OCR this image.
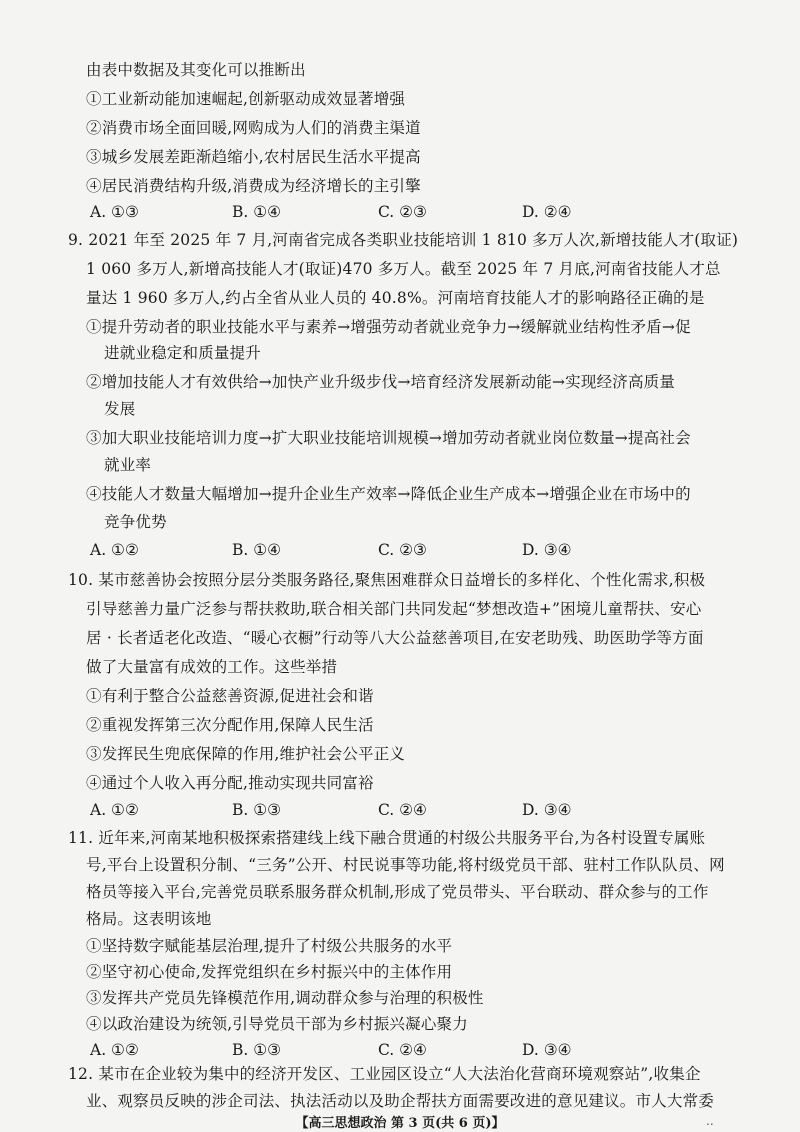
由表中数据及其变化可以推断出
①工业新动能加速崛起,创新驱动成效显著增强
②消费市场全面回暖,网购成为人们的消费主渠道
③城乡发展差距渐趋缩小,农村居民生活水平提高
④居民消费结构升级,消费成为经济增长的主引擎
A. ①③	B. ①④	C. ②③	D. ②④
9. 2021 年至 2025 年 7 月,河南省完成各类职业技能培训 1 810 多万人次,新增技能人才(取证)
1 060 多万人,新增高技能人才(取证)470 多万人。截至 2025 年 7 月底,河南省技能人才总
量达 1 960 多万人,约占全省从业人员的 40.8%。河南培育技能人才的影响路径正确的是
①提升劳动者的职业技能水平与素养→增强劳动者就业竞争力→缓解就业结构性矛盾→促
进就业稳定和质量提升
②增加技能人才有效供给→加快产业升级步伐→培育经济发展新动能→实现经济高质量
发展
③加大职业技能培训力度→扩大职业技能培训规模→增加劳动者就业岗位数量→提高社会
就业率
④技能人才数量大幅增加→提升企业生产效率→降低企业生产成本→增强企业在市场中的
竞争优势
A. ①②	B. ①④	C. ②③	D. ③④
10. 某市慈善协会按照分层分类服务路径,聚焦困难群众日益增长的多样化、个性化需求,积极
引导慈善力量广泛参与帮扶救助,联合相关部门共同发起“梦想改造+”困境儿童帮扶、安心
居 · 长者适老化改造、“暖心衣橱”行动等八大公益慈善项目,在安老助残、助医助学等方面
做了大量富有成效的工作。这些举措
①有利于整合公益慈善资源,促进社会和谐
②重视发挥第三次分配作用,保障人民生活
③发挥民生兜底保障的作用,维护社会公平正义
④通过个人收入再分配,推动实现共同富裕
A. ①②	B. ①③	C. ②④	D. ③④
11. 近年来,河南某地积极探索搭建线上线下融合贯通的村级公共服务平台,为各村设置专属账
号,平台上设置积分制、“三务”公开、村民说事等功能,将村级党员干部、驻村工作队队员、网
格员等接入平台,完善党员联系服务群众机制,形成了党员带头、平台联动、群众参与的工作
格局。这表明该地
①坚持数字赋能基层治理,提升了村级公共服务的水平
②坚守初心使命,发挥党组织在乡村振兴中的主体作用
③发挥共产党员先锋模范作用,调动群众参与治理的积极性
④以政治建设为统领,引导党员干部为乡村振兴凝心聚力
A. ①②	B. ①③	C. ②④	D. ③④
【高三思想政治 第 3 页(共 6 页)】	..
12. 某市在企业较为集中的经济开发区、工业园区设立“人大法治化营商环境观察站”,收集企
业、观察员反映的涉企司法、执法活动以及助企帮扶方面需要改进的意见建议。市人大常委
